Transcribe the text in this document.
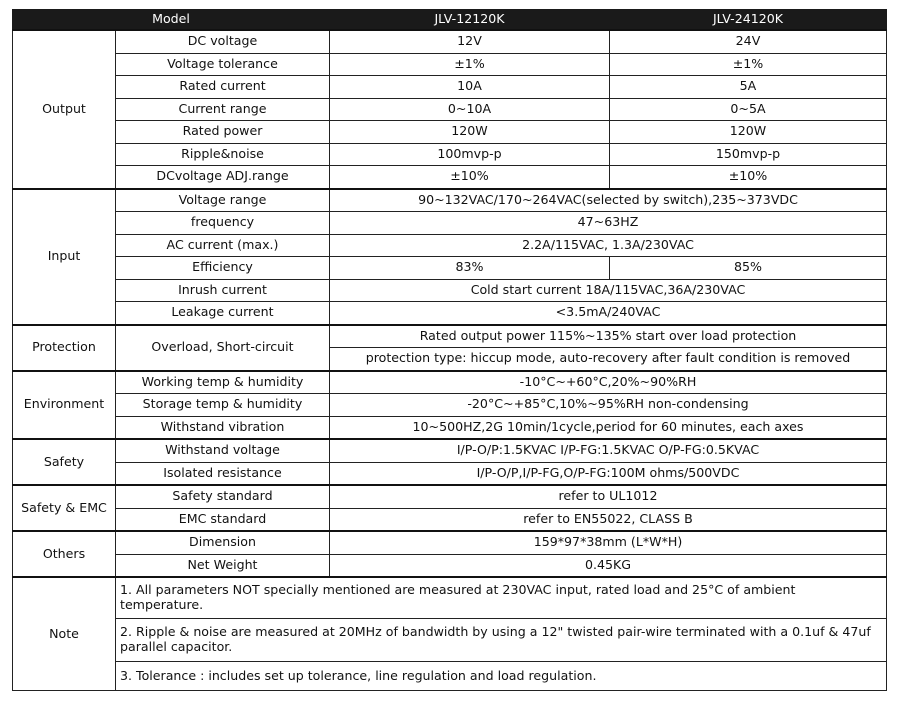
Model		JLV-12120K	JLV-24120K
Output	DC voltage	12V	24V
	Voltage tolerance	±1%	±1%
	Rated current	10A	5A
	Current range	0~10A	0~5A
	Rated power	120W	120W
	Ripple&noise	100mvp-p	150mvp-p
	DCvoltage ADJ.range	±10%	±10%
Input	Voltage range	90~132VAC/170~264VAC(selected by switch),235~373VDC	
	frequency	47~63HZ	
	AC current (max.)	2.2A/115VAC, 1.3A/230VAC	
	Efficiency	83%	85%
	Inrush current	Cold start current 18A/115VAC,36A/230VAC	
	Leakage current	<3.5mA/240VAC	
Protection	Overload, Short-circuit	Rated output power 115%~135% start over load protection	
		protection type: hiccup mode, auto-recovery after fault condition is removed	
Environment	Working temp & humidity	-10°C~+60°C,20%~90%RH	
	Storage temp & humidity	-20°C~+85°C,10%~95%RH non-condensing	
	Withstand vibration	10~500HZ,2G 10min/1cycle,period for 60 minutes, each axes	
Safety	Withstand voltage	I/P-O/P:1.5KVAC I/P-FG:1.5KVAC O/P-FG:0.5KVAC	
	Isolated resistance	I/P-O/P,I/P-FG,O/P-FG:100M ohms/500VDC	
Safety & EMC	Safety standard	refer to UL1012	
	EMC standard	refer to EN55022, CLASS B	
Others	Dimension	159*97*38mm (L*W*H)	
	Net Weight	0.45KG	
Note	1. All parameters NOT specially mentioned are measured at 230VAC input, rated load and 25°C of ambient temperature.		
	2. Ripple & noise are measured at 20MHz of bandwidth by using a 12" twisted pair-wire terminated with a 0.1uf & 47uf parallel capacitor.		
	3. Tolerance : includes set up tolerance, line regulation and load regulation.		
